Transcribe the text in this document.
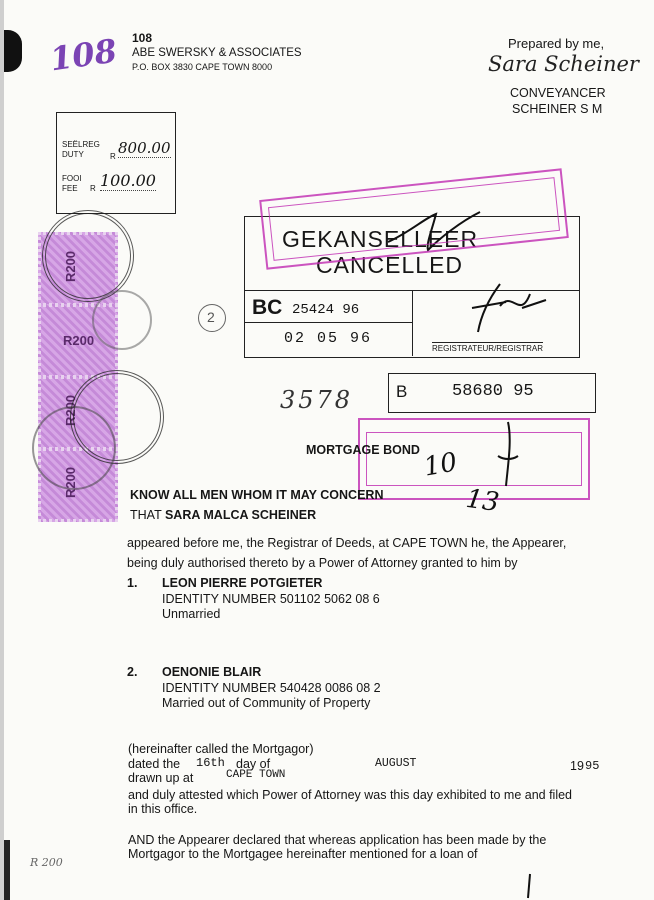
108 108
ABE SWERSKY & ASSOCIATES
P.O. BOX 3830 CAPE TOWN 8000
Prepared by me,
Sara Scheiner
CONVEYANCER
SCHEINER S M
SEËLREG
DUTY	R 800.00
FOOI
FEE R 100.00
R200
R200
R200
R200
GEKANSELLEER
CANCELLED
BC 25424 96
02 05 96
REGISTRATEUR/REGISTRAR
2
3578	B	58680 95
10
13
MORTGAGE BOND
KNOW ALL MEN WHOM IT MAY CONCERN
THAT SARA MALCA SCHEINER
appeared before me, the Registrar of Deeds, at CAPE TOWN he, the Appearer,
being duly authorised thereto by a Power of Attorney granted to him by
1. LEON PIERRE POTGIETER
IDENTITY NUMBER 501102 5062 08 6
Unmarried
2. OENONIE BLAIR
IDENTITY NUMBER 540428 0086 08 2
Married out of Community of Property
(hereinafter called the Mortgagor)
dated the 16th day of	AUGUST	19 95
drawn up at	CAPE TOWN
and duly attested which Power of Attorney was this day exhibited to me and filed
in this office.
AND the Appearer declared that whereas application has been made by the
Mortgagor to the Mortgagee hereinafter mentioned for a loan of
R 200
